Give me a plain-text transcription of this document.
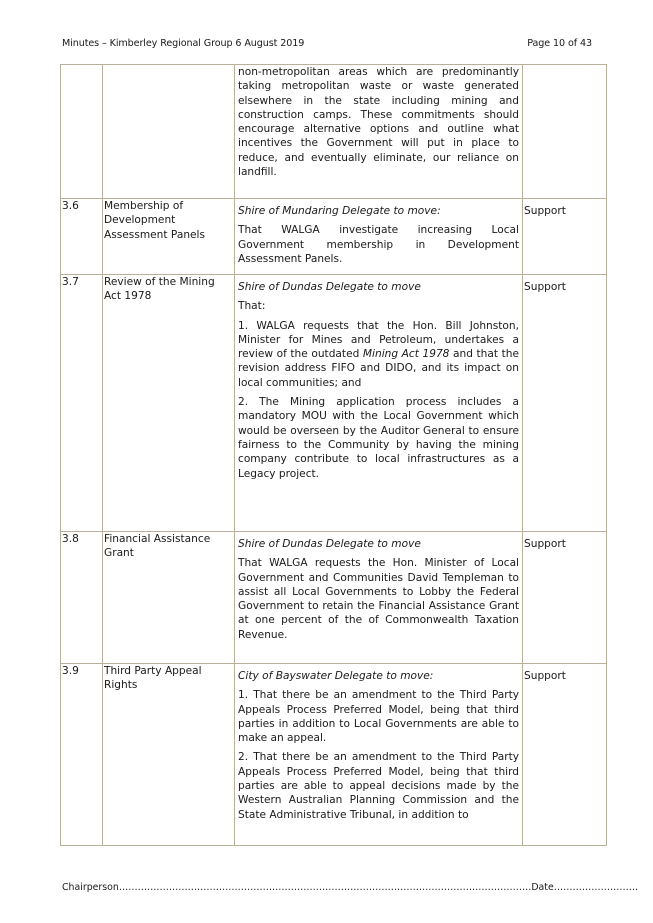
Minutes – Kimberley Regional Group 6 August 2019	Page 10 of 43

		non-metropolitan areas which are predominantly taking metropolitan waste or waste generated elsewhere in the state including mining and construction camps. These commitments should encourage alternative options and outline what incentives the Government will put in place to reduce, and eventually eliminate, our reliance on landfill.	

3.6	Membership of Development Assessment Panels	Shire of Mundaring Delegate to move:

That WALGA investigate increasing Local Government membership in Development Assessment Panels.	Support
3.7	Review of the Mining Act 1978	Shire of Dundas Delegate to move

That:

1. WALGA requests that the Hon. Bill Johnston, Minister for Mines and Petroleum, undertakes a review of the outdated Mining Act 1978 and that the revision address FIFO and DIDO, and its impact on local communities; and

2. The Mining application process includes a mandatory MOU with the Local Government which would be overseen by the Auditor General to ensure fairness to the Community by having the mining company contribute to local infrastructures as a Legacy project.	Support
3.8	Financial Assistance Grant	Shire of Dundas Delegate to move

That WALGA requests the Hon. Minister of Local Government and Communities David Templeman to assist all Local Governments to Lobby the Federal Government to retain the Financial Assistance Grant at one percent of the of Commonwealth Taxation Revenue.	Support
3.9	Third Party Appeal Rights	City of Bayswater Delegate to move:

1. That there be an amendment to the Third Party Appeals Process Preferred Model, being that third parties in addition to Local Governments are able to make an appeal.

2. That there be an amendment to the Third Party Appeals Process Preferred Model, being that third parties are able to appeal decisions made by the Western Australian Planning Commission and the State Administrative Tribunal, in addition to	Support
Chairperson……………………………………………………………………………………………………………………Date………………………
